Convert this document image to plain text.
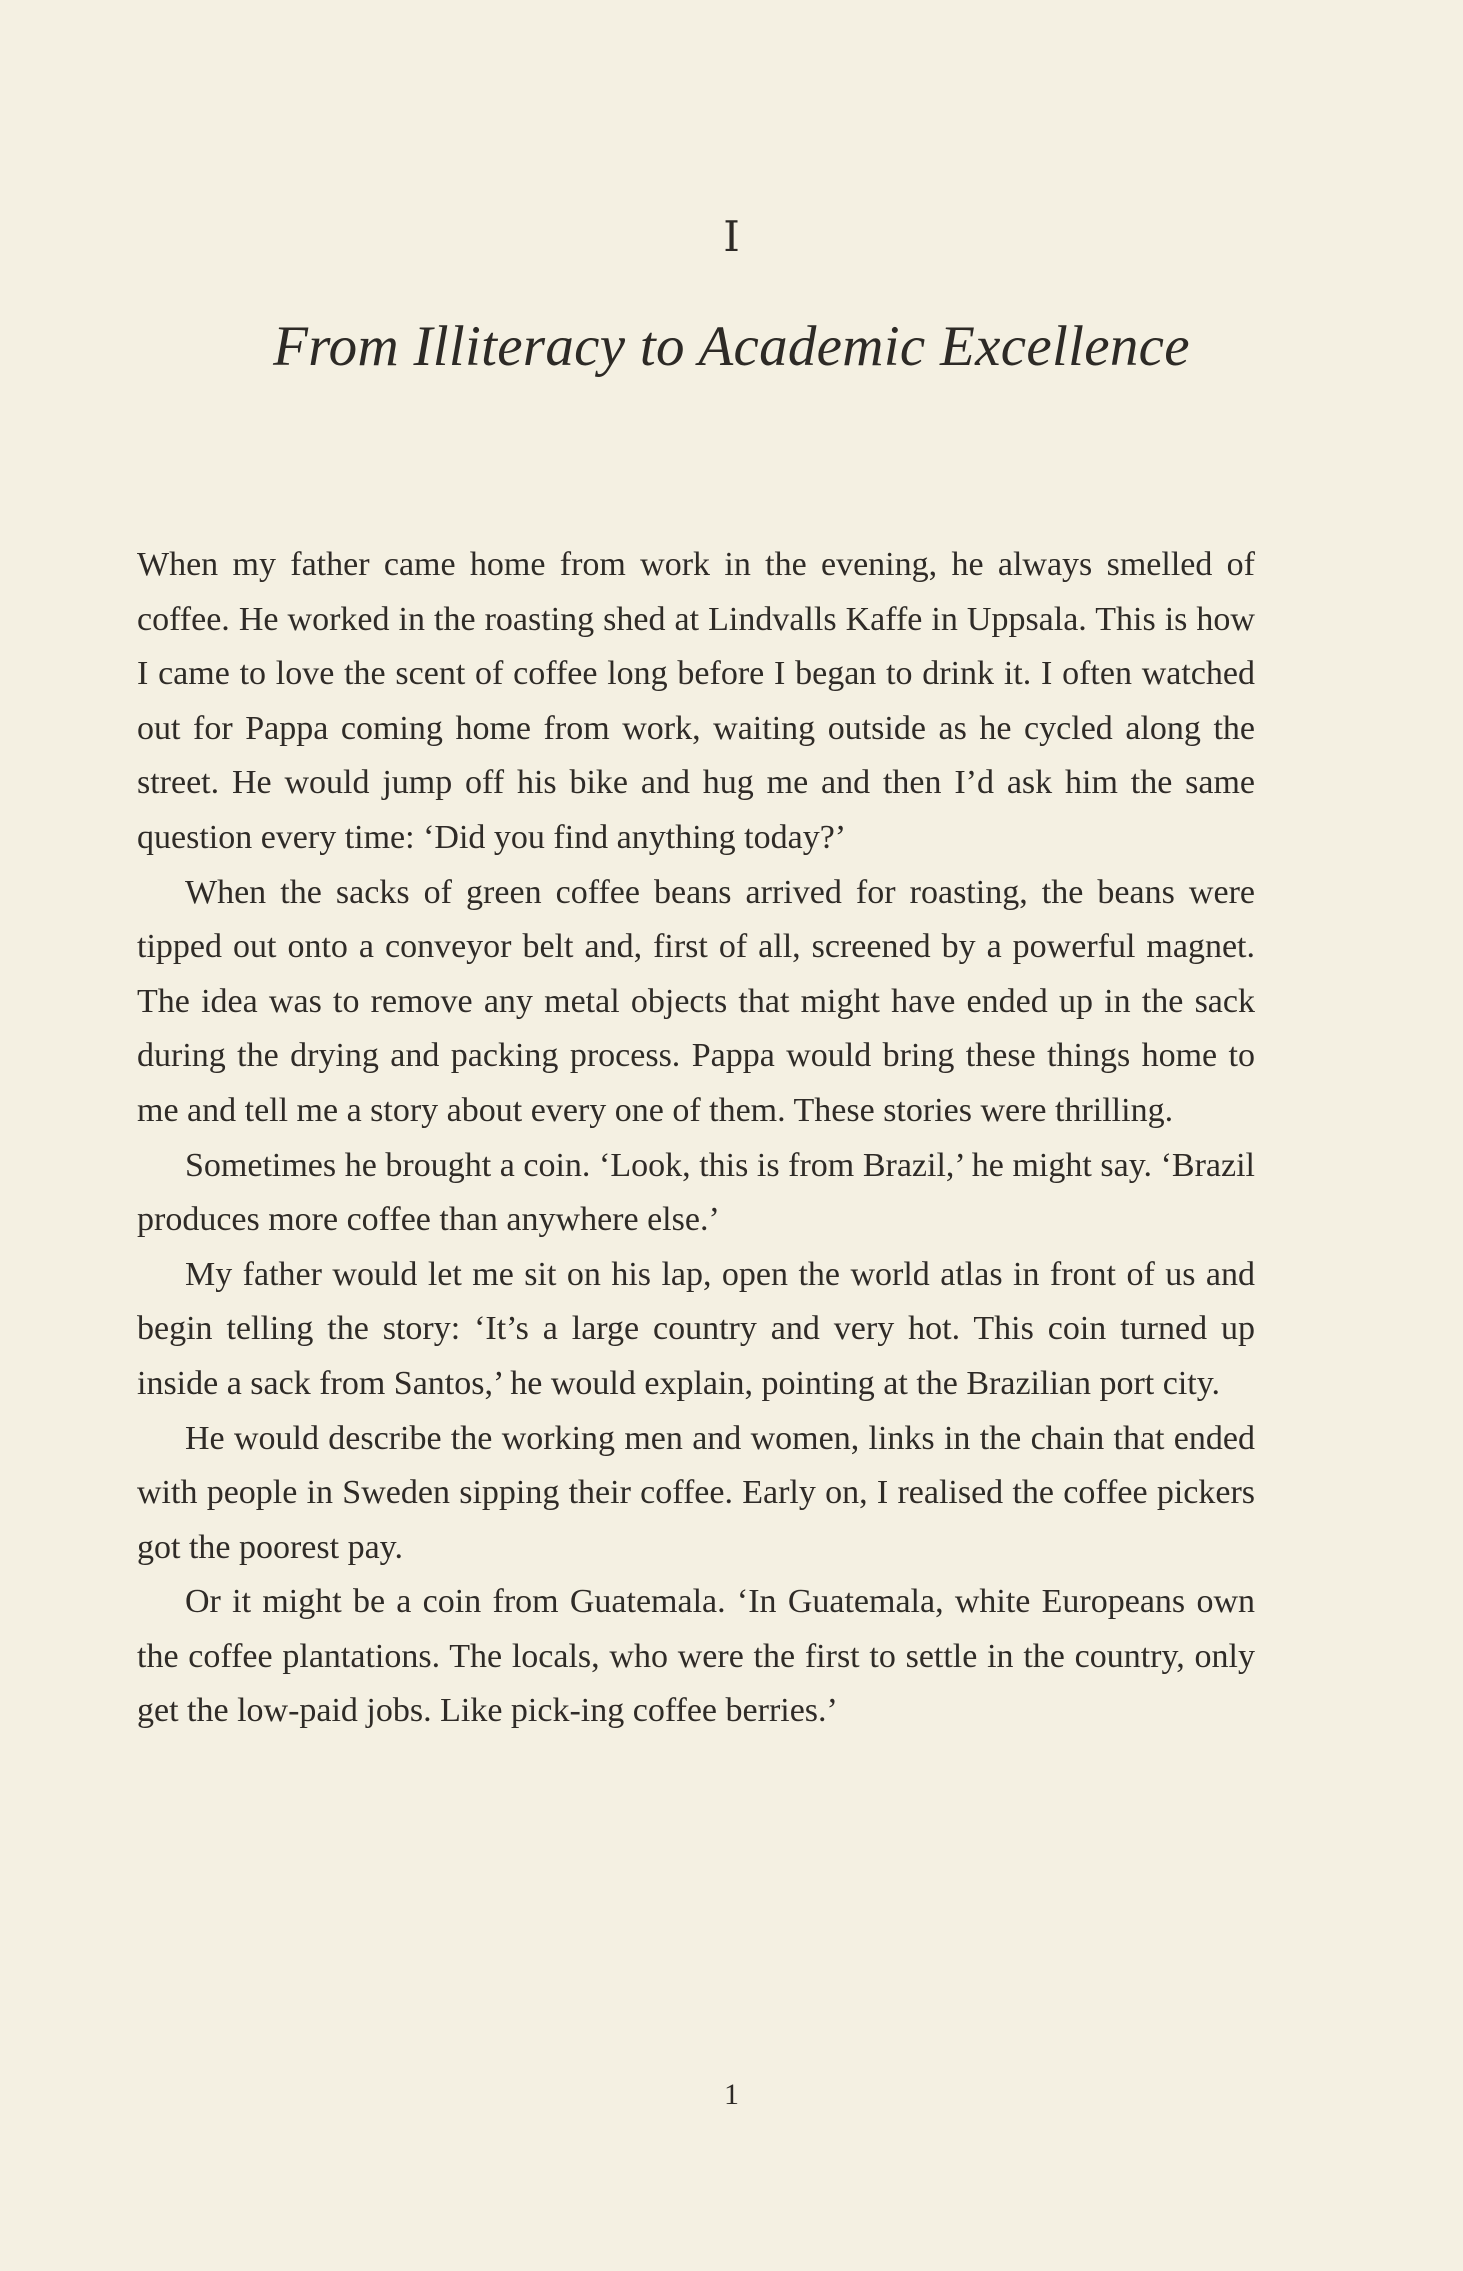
I
From Illiteracy to Academic Excellence

When my father came home from work in the evening, he always smelled of coffee. He worked in the roasting shed at Lindvalls Kaffe in Uppsala. This is how I came to love the scent of coffee long before I began to drink it. I often watched out for Pappa coming home from work, waiting outside as he cycled along the street. He would jump off his bike and hug me and then I’d ask him the same question every time: ‘Did you find anything today?’

When the sacks of green coffee beans arrived for roasting, the beans were tipped out onto a conveyor belt and, first of all, screened by a powerful magnet. The idea was to remove any metal objects that might have ended up in the sack during the drying and packing process. Pappa would bring these things home to me and tell me a story about every one of them. These stories were thrilling.

Sometimes he brought a coin. ‘Look, this is from Brazil,’ he might say. ‘Brazil produces more coffee than anywhere else.’

My father would let me sit on his lap, open the world atlas in front of us and begin telling the story: ‘It’s a large country and very hot. This coin turned up inside a sack from Santos,’ he would explain, pointing at the Brazilian port city.

He would describe the working men and women, links in the chain that ended with people in Sweden sipping their coffee. Early on, I realised the coffee pickers got the poorest pay.

Or it might be a coin from Guatemala. ‘In Guatemala, white Europeans own the coffee plantations. The locals, who were the first to settle in the country, only get the low-paid jobs. Like pick-ing coffee berries.’

1
